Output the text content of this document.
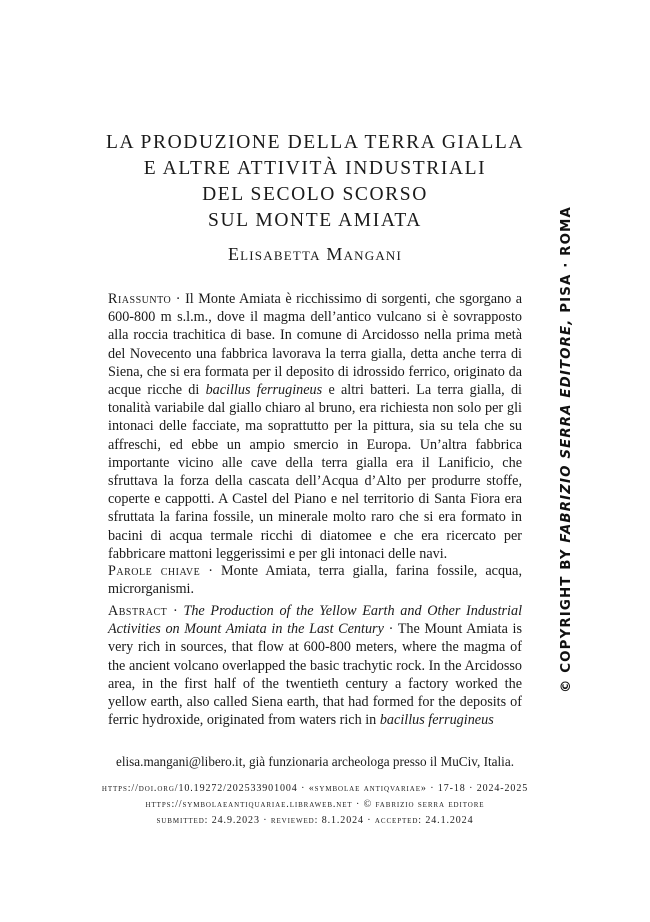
LA PRODUZIONE DELLA TERRA GIALLA
E ALTRE ATTIVITÀ INDUSTRIALI
DEL SECOLO SCORSO
SUL MONTE AMIATA

Elisabetta Mangani

Riassunto · Il Monte Amiata è ricchissimo di sorgenti, che sgorgano a 600-800 m s.l.m., dove il magma dell’antico vulcano si è sovrapposto alla roccia trachitica di base. In comune di Arcidosso nella prima metà del Novecento una fabbrica lavorava la terra gialla, detta anche terra di Siena, che si era formata per il deposito di idrossido ferrico, originato da acque ricche di bacillus ferrugineus e altri batteri. La terra gialla, di tonalità variabile dal giallo chiaro al bruno, era richiesta non solo per gli intonaci delle facciate, ma soprattutto per la pittura, sia su tela che su affreschi, ed ebbe un ampio smercio in Europa. Un’altra fabbrica importante vicino alle cave della terra gialla era il Lanificio, che sfruttava la forza della cascata dell’Acqua d’Alto per produrre stoffe, coperte e cappotti. A Castel del Piano e nel territorio di Santa Fiora era sfruttata la farina fossile, un minerale molto raro che si era formato in bacini di acqua termale ricchi di diatomee e che era ricercato per fabbricare mattoni leggerissimi e per gli intonaci delle navi.

Parole chiave · Monte Amiata, terra gialla, farina fossile, acqua, microrganismi.

Abstract · The Production of the Yellow Earth and Other Industrial Activities on Mount Amiata in the Last Century · The Mount Amiata is very rich in sources, that flow at 600-800 meters, where the magma of the ancient volcano overlapped the basic trachytic rock. In the Arcidosso area, in the first half of the twentieth century a factory worked the yellow earth, also called Siena earth, that had formed for the deposits of ferric hydroxide, originated from waters rich in bacillus ferrugineus

elisa.mangani@libero.it, già funzionaria archeologa presso il MuCiv, Italia.

https://doi.org/10.19272/202533901004 · «symbolae antiqvariae» · 17-18 · 2024-2025

https://symbolaeantiquariae.libraweb.net · © fabrizio serra editore

submitted: 24.9.2023 · reviewed: 8.1.2024 · accepted: 24.1.2024

© COPYRIGHT BY FABRIZIO SERRA EDITORE, PISA · ROMA
